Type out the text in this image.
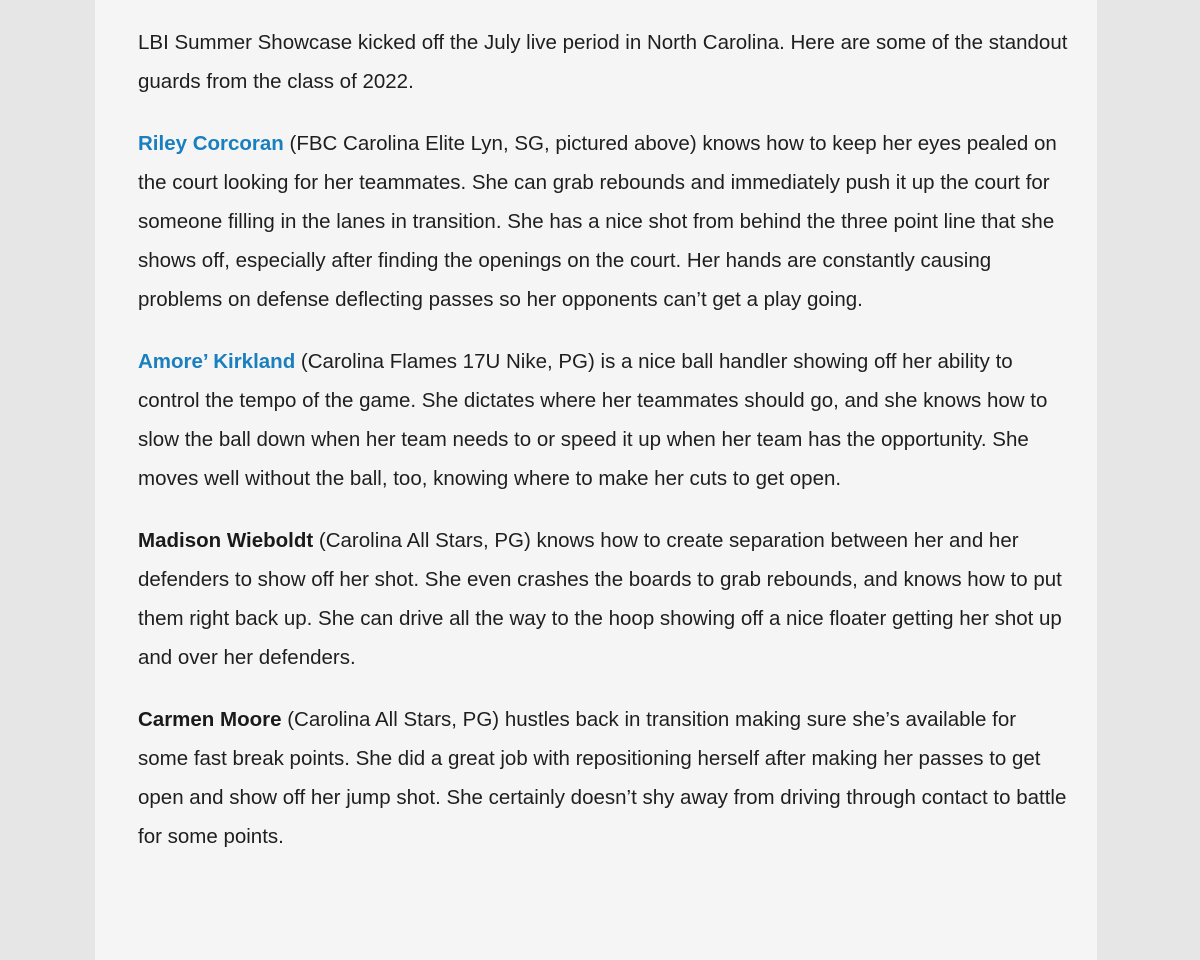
LBI Summer Showcase kicked off the July live period in North Carolina. Here are some of the standout guards from the class of 2022.

Riley Corcoran (FBC Carolina Elite Lyn, SG, pictured above) knows how to keep her eyes pealed on the court looking for her teammates. She can grab rebounds and immediately push it up the court for someone filling in the lanes in transition. She has a nice shot from behind the three point line that she shows off, especially after finding the openings on the court. Her hands are constantly causing problems on defense deflecting passes so her opponents can’t get a play going.

Amore’ Kirkland (Carolina Flames 17U Nike, PG) is a nice ball handler showing off her ability to control the tempo of the game. She dictates where her teammates should go, and she knows how to slow the ball down when her team needs to or speed it up when her team has the opportunity. She moves well without the ball, too, knowing where to make her cuts to get open.

Madison Wieboldt (Carolina All Stars, PG) knows how to create separation between her and her defenders to show off her shot. She even crashes the boards to grab rebounds, and knows how to put them right back up. She can drive all the way to the hoop showing off a nice floater getting her shot up and over her defenders.

Carmen Moore (Carolina All Stars, PG) hustles back in transition making sure she’s available for some fast break points. She did a great job with repositioning herself after making her passes to get open and show off her jump shot. She certainly doesn’t shy away from driving through contact to battle for some points.
